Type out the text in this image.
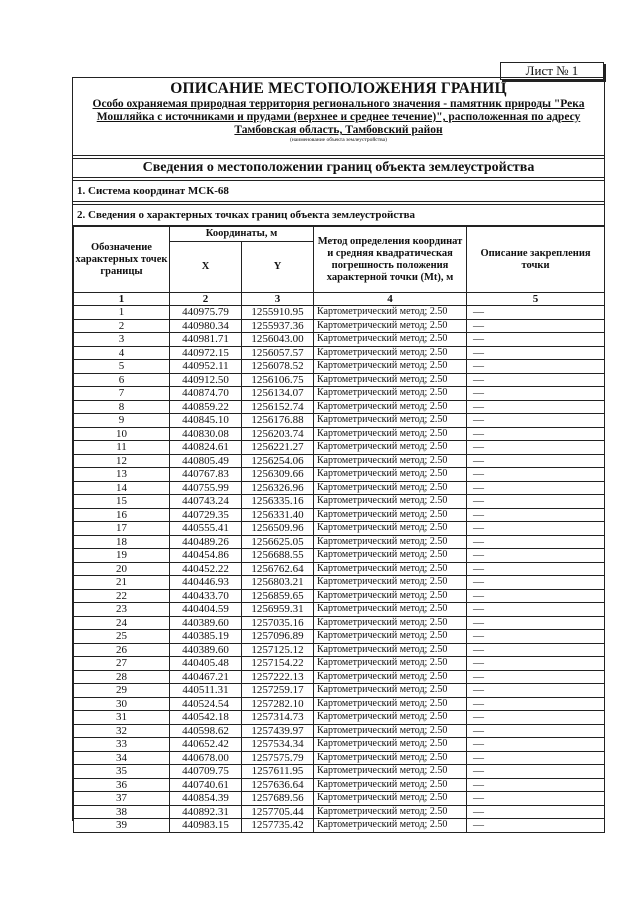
Лист № 1
ОПИСАНИЕ МЕСТОПОЛОЖЕНИЯ ГРАНИЦ
Особо охраняемая природная территория регионального значения - памятник природы "Река
Мошляйка с источниками и прудами (верхнее и среднее течение)", расположенная по адресу
Тамбовская область, Тамбовский район
(наименование объекта землеустройства)
Сведения о местоположении границ объекта землеустройства
1. Система координат МСК-68
2. Сведения о характерных точках границ объекта землеустройства
Обозначение характерных точек границы	Координаты, м		Метод определения координат и средняя квадратическая погрешность положения характерной точки (Mt), м	Описание закрепления точки
	X	Y		
1	2	3	4	5
1	440975.79	1255910.95	Картометрический метод; 2.50	—
2	440980.34	1255937.36	Картометрический метод; 2.50	—
3	440981.71	1256043.00	Картометрический метод; 2.50	—
4	440972.15	1256057.57	Картометрический метод; 2.50	—
5	440952.11	1256078.52	Картометрический метод; 2.50	—
6	440912.50	1256106.75	Картометрический метод; 2.50	—
7	440874.70	1256134.07	Картометрический метод; 2.50	—
8	440859.22	1256152.74	Картометрический метод; 2.50	—
9	440845.10	1256176.88	Картометрический метод; 2.50	—
10	440830.08	1256203.74	Картометрический метод; 2.50	—
11	440824.61	1256221.27	Картометрический метод; 2.50	—
12	440805.49	1256254.06	Картометрический метод; 2.50	—
13	440767.83	1256309.66	Картометрический метод; 2.50	—
14	440755.99	1256326.96	Картометрический метод; 2.50	—
15	440743.24	1256335.16	Картометрический метод; 2.50	—
16	440729.35	1256331.40	Картометрический метод; 2.50	—
17	440555.41	1256509.96	Картометрический метод; 2.50	—
18	440489.26	1256625.05	Картометрический метод; 2.50	—
19	440454.86	1256688.55	Картометрический метод; 2.50	—
20	440452.22	1256762.64	Картометрический метод; 2.50	—
21	440446.93	1256803.21	Картометрический метод; 2.50	—
22	440433.70	1256859.65	Картометрический метод; 2.50	—
23	440404.59	1256959.31	Картометрический метод; 2.50	—
24	440389.60	1257035.16	Картометрический метод; 2.50	—
25	440385.19	1257096.89	Картометрический метод; 2.50	—
26	440389.60	1257125.12	Картометрический метод; 2.50	—
27	440405.48	1257154.22	Картометрический метод; 2.50	—
28	440467.21	1257222.13	Картометрический метод; 2.50	—
29	440511.31	1257259.17	Картометрический метод; 2.50	—
30	440524.54	1257282.10	Картометрический метод; 2.50	—
31	440542.18	1257314.73	Картометрический метод; 2.50	—
32	440598.62	1257439.97	Картометрический метод; 2.50	—
33	440652.42	1257534.34	Картометрический метод; 2.50	—
34	440678.00	1257575.79	Картометрический метод; 2.50	—
35	440709.75	1257611.95	Картометрический метод; 2.50	—
36	440740.61	1257636.64	Картометрический метод; 2.50	—
37	440854.39	1257689.56	Картометрический метод; 2.50	—
38	440892.31	1257705.44	Картометрический метод; 2.50	—
39	440983.15	1257735.42	Картометрический метод; 2.50	—
